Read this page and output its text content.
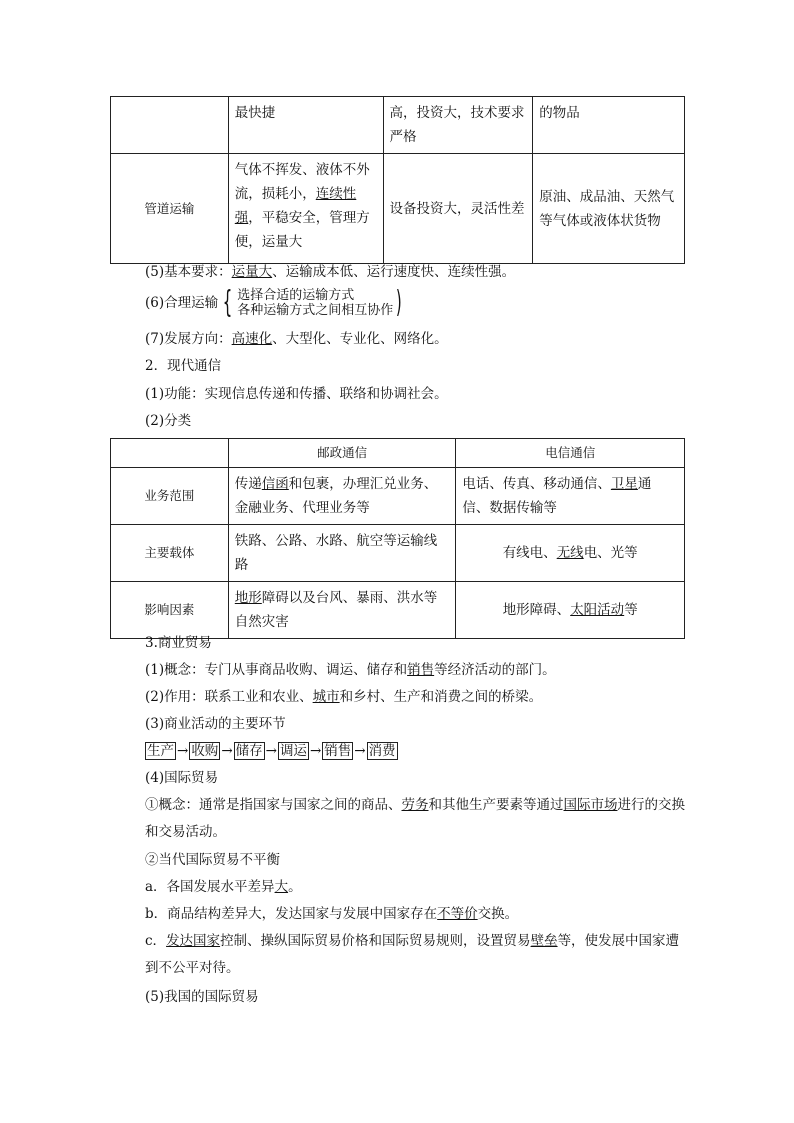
	最快捷	高，投资大，技术要求严格	的物品
管道运输	气体不挥发、液体不外流，损耗小，连续性强，平稳安全，管理方便，运量大	设备投资大，灵活性差	原油、成品油、天然气等气体或液体状货物
(5)基本要求：运量大、运输成本低、运行速度快、连续性强。
(6)合理运输 { 选择合适的运输方式
各种运输方式之间相互协作 )
(7)发展方向：高速化、大型化、专业化、网络化。
2．现代通信
(1)功能：实现信息传递和传播、联络和协调社会。
(2)分类
	邮政通信	电信通信
业务范围	传递信函和包裹，办理汇兑业务、金融业务、代理业务等	电话、传真、移动通信、卫星通信、数据传输等
主要载体	铁路、公路、水路、航空等运输线路	有线电、无线电、光等
影响因素	地形障碍以及台风、暴雨、洪水等自然灾害	地形障碍、太阳活动等
3.商业贸易
(1)概念：专门从事商品收购、调运、储存和销售等经济活动的部门。
(2)作用：联系工业和农业、城市和乡村、生产和消费之间的桥梁。
(3)商业活动的主要环节
生产 → 收购 → 储存 → 调运 → 销售 → 消费
(4)国际贸易
①概念：通常是指国家与国家之间的商品、劳务和其他生产要素等通过国际市场进行的交换和交易活动。
②当代国际贸易不平衡
a．各国发展水平差异大。
b．商品结构差异大，发达国家与发展中国家存在不等价交换。
c．发达国家控制、操纵国际贸易价格和国际贸易规则，设置贸易壁垒等，使发展中国家遭到不公平对待。
(5)我国的国际贸易
